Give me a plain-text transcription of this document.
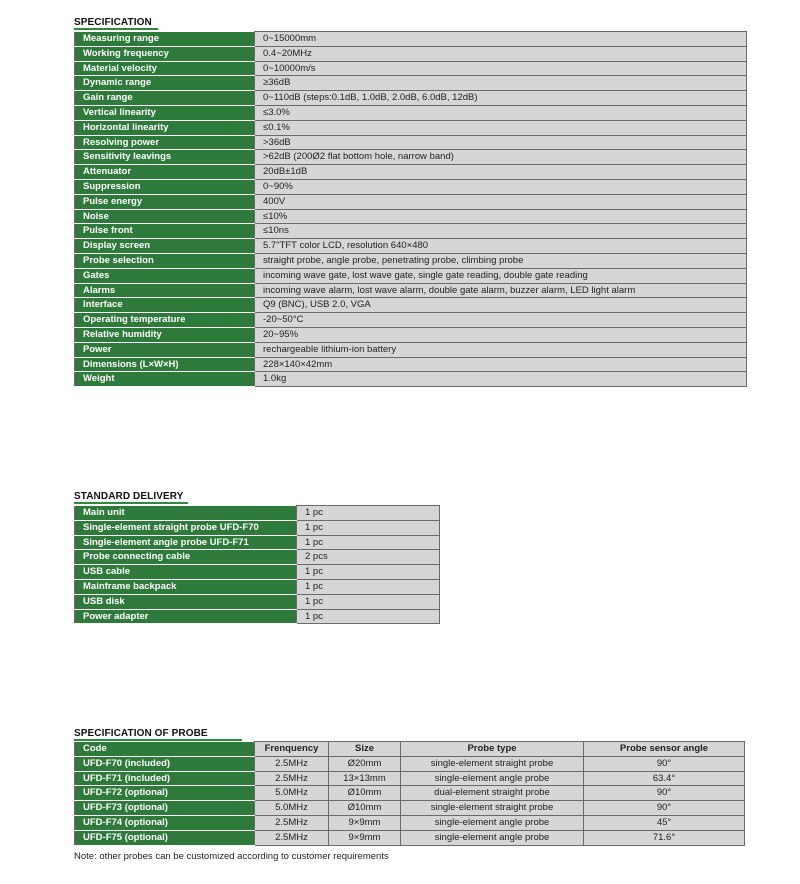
SPECIFICATION
Measuring range	0~15000mm
Working frequency	0.4~20MHz
Material velocity	0~10000m/s
Dynamic range	≥36dB
Gain range	0~110dB (steps:0.1dB, 1.0dB, 2.0dB, 6.0dB, 12dB)
Vertical linearity	≤3.0%
Horizontal linearity	≤0.1%
Resolving power	>36dB
Sensitivity leavings	>62dB (200Ø2 flat bottom hole, narrow band)
Attenuator	20dB±1dB
Suppression	0~90%
Pulse energy	400V
Noise	≤10%
Pulse front	≤10ns
Display screen	5.7"TFT color LCD, resolution 640×480
Probe selection	straight probe, angle probe, penetrating probe, climbing probe
Gates	incoming wave gate, lost wave gate, single gate reading, double gate reading
Alarms	incoming wave alarm, lost wave alarm, double gate alarm, buzzer alarm, LED light alarm
Interface	Q9 (BNC), USB 2.0, VGA
Operating temperature	-20~50°C
Relative humidity	20~95%
Power	rechargeable lithium-ion battery
Dimensions (L×W×H)	228×140×42mm
Weight	1.0kg
STANDARD DELIVERY
Main unit	1 pc
Single-element straight probe UFD-F70	1 pc
Single-element angle probe UFD-F71	1 pc
Probe connecting cable	2 pcs
USB cable	1 pc
Mainframe backpack	1 pc
USB disk	1 pc
Power adapter	1 pc
SPECIFICATION OF PROBE
Code	Frenquency	Size	Probe type	Probe sensor angle
UFD-F70 (included)	2.5MHz	Ø20mm	single-element straight probe	90°
UFD-F71 (included)	2.5MHz	13×13mm	single-element angle probe	63.4°
UFD-F72 (optional)	5.0MHz	Ø10mm	dual-element straight probe	90°
UFD-F73 (optional)	5.0MHz	Ø10mm	single-element straight probe	90°
UFD-F74 (optional)	2.5MHz	9×9mm	single-element angle probe	45°
UFD-F75 (optional)	2.5MHz	9×9mm	single-element angle probe	71.6°
Note: other probes can be customized according to customer requirements
